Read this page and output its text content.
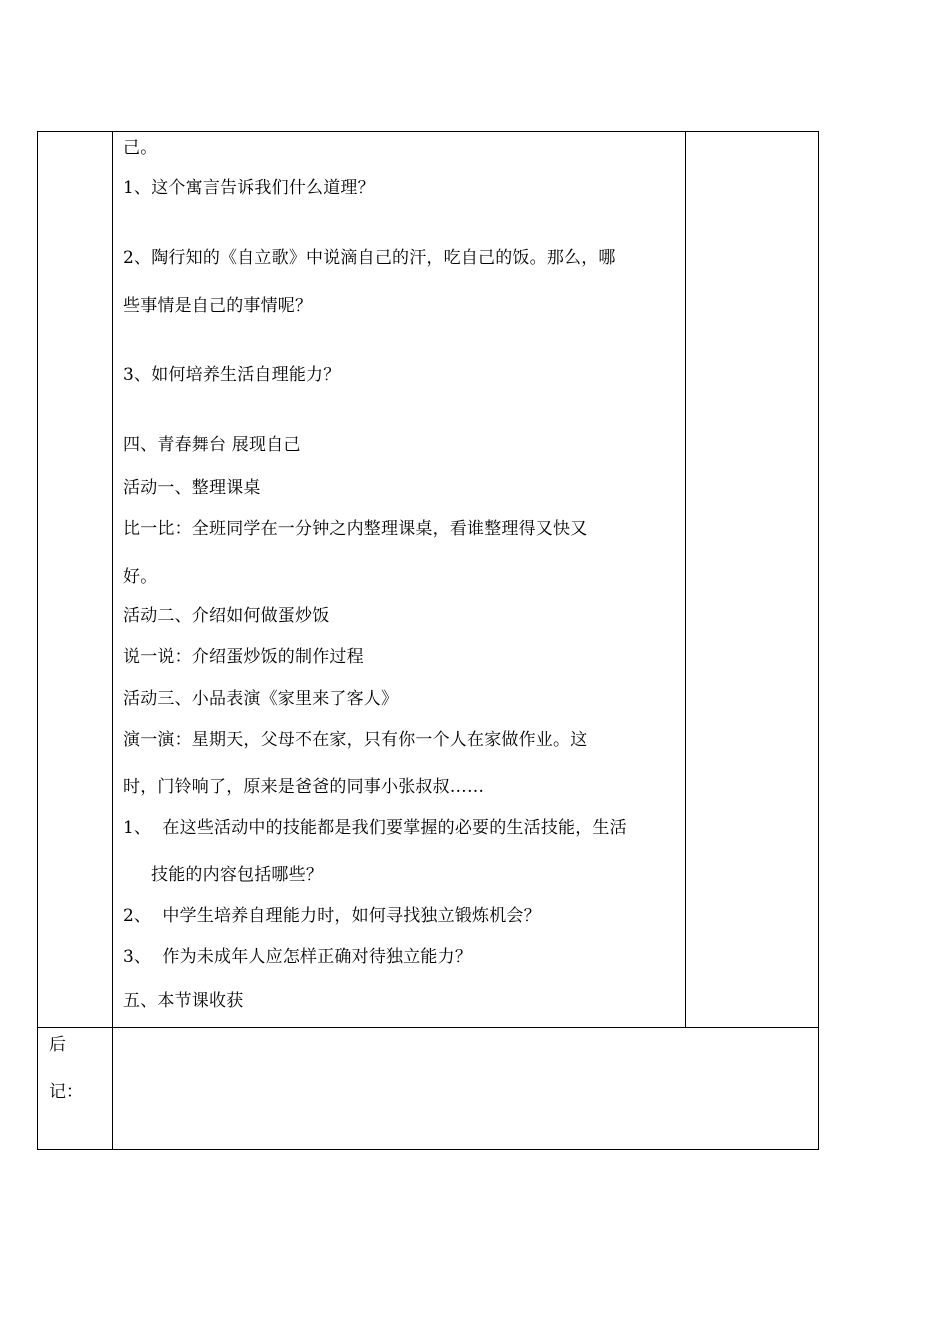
己。
1、这个寓言告诉我们什么道理？
2、陶行知的《自立歌》中说滴自己的汗，吃自己的饭。那么，哪
些事情是自己的事情呢？
3、如何培养生活自理能力？
四、青春舞台 展现自己
活动一、整理课桌
比一比：全班同学在一分钟之内整理课桌，看谁整理得又快又
好。
活动二、介绍如何做蛋炒饭
说一说：介绍蛋炒饭的制作过程
活动三、小品表演《家里来了客人》
演一演：星期天，父母不在家，只有你一个人在家做作业。这
时，门铃响了，原来是爸爸的同事小张叔叔……
1、  在这些活动中的技能都是我们要掌握的必要的生活技能，生活
技能的内容包括哪些？
2、  中学生培养自理能力时，如何寻找独立锻炼机会？
3、  作为未成年人应怎样正确对待独立能力？
五、本节课收获
后
记：
